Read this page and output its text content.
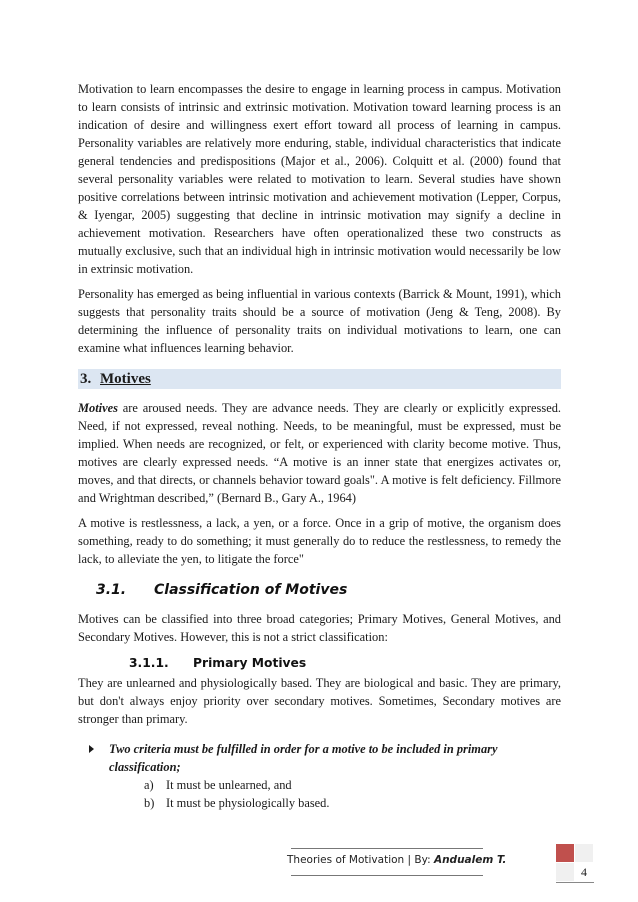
Motivation to learn encompasses the desire to engage in learning process in campus. Motivation to learn consists of intrinsic and extrinsic motivation. Motivation toward learning process is an indication of desire and willingness exert effort toward all process of learning in campus. Personality variables are relatively more enduring, stable, individual characteristics that indicate general tendencies and predispositions (Major et al., 2006). Colquitt et al. (2000) found that several personality variables were related to motivation to learn. Several studies have shown positive correlations between intrinsic motivation and achievement motivation (Lepper, Corpus, & Iyengar, 2005) suggesting that decline in intrinsic motivation may signify a decline in achievement motivation. Researchers have often operationalized these two constructs as mutually exclusive, such that an individual high in intrinsic motivation would necessarily be low in extrinsic motivation.

Personality has emerged as being influential in various contexts (Barrick & Mount, 1991), which suggests that personality traits should be a source of motivation (Jeng & Teng, 2008). By determining the influence of personality traits on individual motivations to learn, one can examine what influences learning behavior.

3. Motives

Motives are aroused needs. They are advance needs. They are clearly or explicitly expressed. Need, if not expressed, reveal nothing. Needs, to be meaningful, must be expressed, must be implied. When needs are recognized, or felt, or experienced with clarity become motive. Thus, motives are clearly expressed needs. “A motive is an inner state that energizes activates or, moves, and that directs, or channels behavior toward goals". A motive is felt deficiency. Fillmore and Wrightman described,” (Bernard B., Gary A., 1964)

A motive is restlessness, a lack, a yen, or a force. Once in a grip of motive, the organism does something, ready to do something; it must generally do to reduce the restlessness, to remedy the lack, to alleviate the yen, to litigate the force"

3.1. Classification of Motives

Motives can be classified into three broad categories; Primary Motives, General Motives, and Secondary Motives. However, this is not a strict classification:

3.1.1. Primary Motives

They are unlearned and physiologically based. They are biological and basic. They are primary, but don't always enjoy priority over secondary motives. Sometimes, Secondary motives are stronger than primary.

Two criteria must be fulfilled in order for a motive to be included in primary classification;
a) It must be unlearned, and
b) It must be physiologically based.
Theories of Motivation | By: Andualem T.
4
